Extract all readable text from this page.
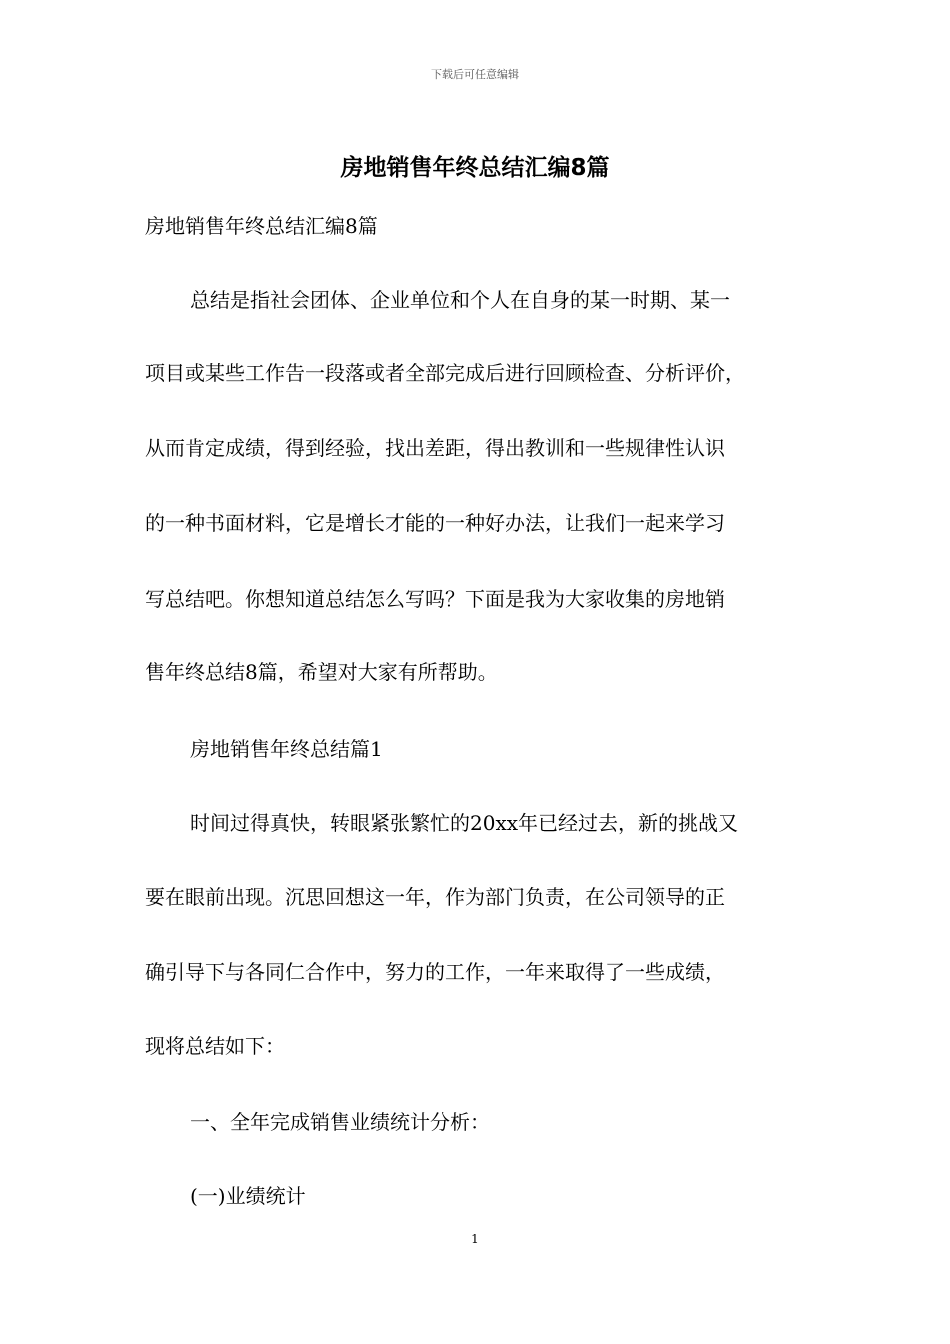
下载后可任意编辑
房地销售年终总结汇编8篇
房地销售年终总结汇编8篇
总结是指社会团体、企业单位和个人在自身的某一时期、某一
项目或某些工作告一段落或者全部完成后进行回顾检查、分析评价，
从而肯定成绩，得到经验，找出差距，得出教训和一些规律性认识
的一种书面材料，它是增长才能的一种好办法，让我们一起来学习
写总结吧。你想知道总结怎么写吗？下面是我为大家收集的房地销
售年终总结8篇，希望对大家有所帮助。
房地销售年终总结篇1
时间过得真快，转眼紧张繁忙的20xx年已经过去，新的挑战又
要在眼前出现。沉思回想这一年，作为部门负责，在公司领导的正
确引导下与各同仁合作中，努力的工作，一年来取得了一些成绩，
现将总结如下：
一、全年完成销售业绩统计分析：
(一)业绩统计
1
